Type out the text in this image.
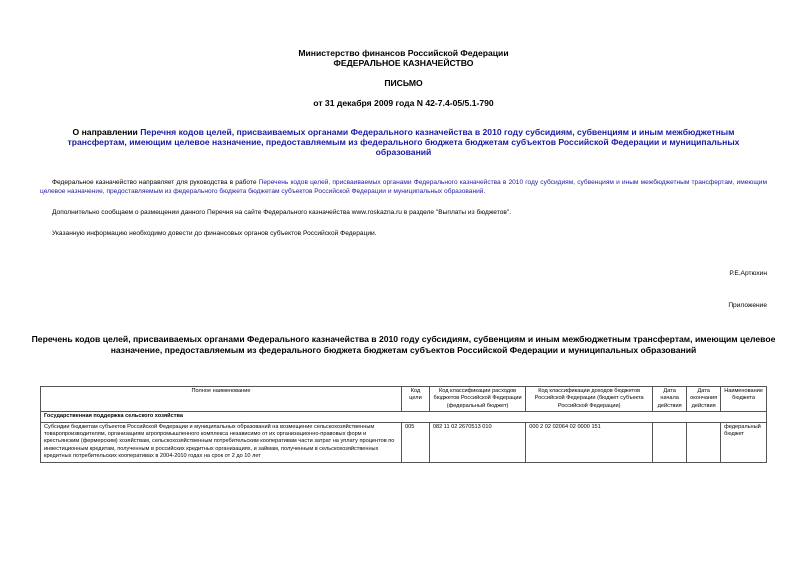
Министерство финансов Российской Федерации
ФЕДЕРАЛЬНОЕ КАЗНАЧЕЙСТВО
ПИСЬМО
от 31 декабря 2009 года N 42-7.4-05/5.1-790
О направлении Перечня кодов целей, присваиваемых органами Федерального казначейства в 2010 году субсидиям, субвенциям и иным межбюджетным трансфертам, имеющим целевое назначение, предоставляемым из федерального бюджета бюджетам субъектов Российской Федерации и муниципальных образований
Федеральное казначейство направляет для руководства в работе Перечень кодов целей, присваиваемых органами Федерального казначейства в 2010 году субсидиям, субвенциям и иным межбюджетным трансфертам, имеющим целевое назначение, предоставляемым из федерального бюджета бюджетам субъектов Российской Федерации и муниципальных образований.
Дополнительно сообщаем о размещении данного Перечня на сайте Федерального казначейства www.roskazna.ru в разделе "Выплаты из бюджетов".
Указанную информацию необходимо довести до финансовых органов субъектов Российской Федерации.
Р.Е.Артюхин
Приложение
Перечень кодов целей, присваиваемых органами Федерального казначейства в 2010 году субсидиям, субвенциям и иным межбюджетным трансфертам, имеющим целевое назначение, предоставляемым из федерального бюджета бюджетам субъектов Российской Федерации и муниципальных образований
Полное наименование	Код цели	Код классификации расходов бюджетов Российской Федерации (федеральный бюджет)	Код классификации доходов бюджетов Российской Федерации (бюджет субъекта Российской Федерации)	Дата начала действия	Дата окончания действия	Наименование бюджета
Государственная поддержка сельского хозяйства						
Субсидии бюджетам субъектов Российской Федерации и муниципальных образований на возмещение сельскохозяйственным товаропроизводителям, организациям агропромышленного комплекса независимо от их организационно-правовых форм и крестьянским (фермерским) хозяйствам, сельскохозяйственным потребительским кооперативам части затрат на уплату процентов по инвестиционным кредитам, полученным в российских кредитных организациях, и займам, полученным в сельскохозяйственных кредитных потребительских кооперативах в 2004-2010 годах на срок от 2 до 10 лет	005	082 11 02 2670513 010	000 2 02 02064 02 0000 151			федеральный бюджет
